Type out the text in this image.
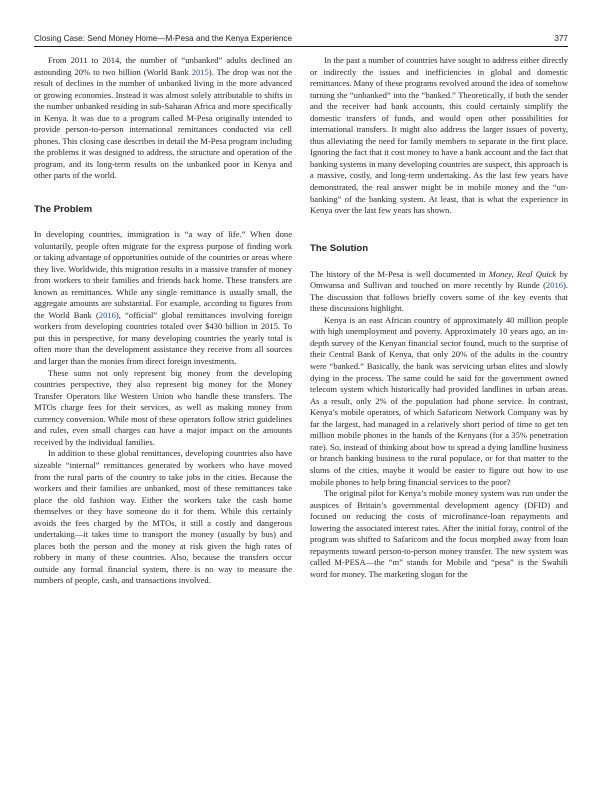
Closing Case: Send Money Home—M-Pesa and the Kenya Experience	377

From 2011 to 2014, the number of “unbanked” adults declined an astounding 20% to two billion (World Bank 2015). The drop was not the result of declines in the number of unbanked living in the more advanced or growing economies. Instead it was almost solely attributable to shifts in the number unbanked residing in sub-Saharan Africa and more specifically in Kenya. It was due to a program called M-Pesa originally intended to provide person-to-person international remittances conducted via cell phones. This closing case describes in detail the M-Pesa program including the problems it was designed to address, the structure and operation of the program, and its long-term results on the unbanked poor in Kenya and other parts of the world.

The Problem

In developing countries, immigration is “a way of life.” When done voluntarily, people often migrate for the express purpose of finding work or taking advantage of opportunities outside of the countries or areas where they live. Worldwide, this migration results in a massive transfer of money from workers to their families and friends back home. These transfers are known as remittances. While any single remittance is usually small, the aggregate amounts are substantial. For example, according to figures from the World Bank (2016), “official” global remittances involving foreign workers from developing countries totaled over $430 billion in 2015. To put this in perspective, for many developing countries the yearly total is often more than the development assistance they receive from all sources and larger than the monies from direct foreign investments.

These sums not only represent big money from the developing countries perspective, they also represent big money for the Money Transfer Operators like Western Union who handle these transfers. The MTOs charge fees for their services, as well as making money from currency conversion. While most of these operators follow strict guidelines and rules, even small charges can have a major impact on the amounts received by the individual families.

In addition to these global remittances, developing countries also have sizeable “internal” remittances generated by workers who have moved from the rural parts of the country to take jobs in the cities. Because the workers and their families are unbanked, most of these remittances take place the old fashion way. Either the workers take the cash home themselves or they have someone do it for them. While this certainly avoids the fees charged by the MTOs, it still a costly and dangerous undertaking—it takes time to transport the money (usually by bus) and places both the person and the money at risk given the high rates of robbery in many of these countries. Also, because the transfers occur outside any formal financial system, there is no way to measure the numbers of people, cash, and transactions involved.

In the past a number of countries have sought to address either directly or indirectly the issues and inefficiencies in global and domestic remittances. Many of these programs revolved around the idea of somehow turning the “unbanked” into the “banked.” Theoretically, if both the sender and the receiver had bank accounts, this could certainly simplify the domestic transfers of funds, and would open other possibilities for international transfers. It might also address the larger issues of poverty, thus alleviating the need for family members to separate in the first place. Ignoring the fact that it cost money to have a bank account and the fact that banking systems in many developing countries are suspect, this approach is a massive, costly, and long-term undertaking. As the last few years have demonstrated, the real answer might be in mobile money and the “un-banking” of the banking system. At least, that is what the experience in Kenya over the last few years has shown.

The Solution

The history of the M-Pesa is well documented in Money, Real Quick by Omwansa and Sullivan and touched on more recently by Runde (2016). The discussion that follows briefly covers some of the key events that these discussions highlight.

Kenya is an east African country of approximately 40 million people with high unemployment and poverty. Approximately 10 years ago, an in-depth survey of the Kenyan financial sector found, much to the surprise of their Central Bank of Kenya, that only 20% of the adults in the country were “banked.” Basically, the bank was servicing urban elites and slowly dying in the process. The same could be said for the government owned telecom system which historically had provided landlines in urban areas. As a result, only 2% of the population had phone service. In contrast, Kenya’s mobile operators, of which Safaricom Network Company was by far the largest, had managed in a relatively short period of time to get ten million mobile phones in the hands of the Kenyans (for a 35% penetration rate). So, instead of thinking about how to spread a dying landline business or branch banking business to the rural populace, or for that matter to the slums of the cities, maybe it would be easier to figure out how to use mobile phones to help bring financial services to the poor?

The original pilot for Kenya’s mobile money system was run under the auspices of Britain’s governmental development agency (DFID) and focused on reducing the costs of microfinance-loan repayments and lowering the associated interest rates. After the initial foray, control of the program was shifted to Safaricom and the focus morphed away from loan repayments toward person-to-person money transfer. The new system was called M-PESA—the “m” stands for Mobile and “pesa” is the Swahili word for money. The marketing slogan for the
